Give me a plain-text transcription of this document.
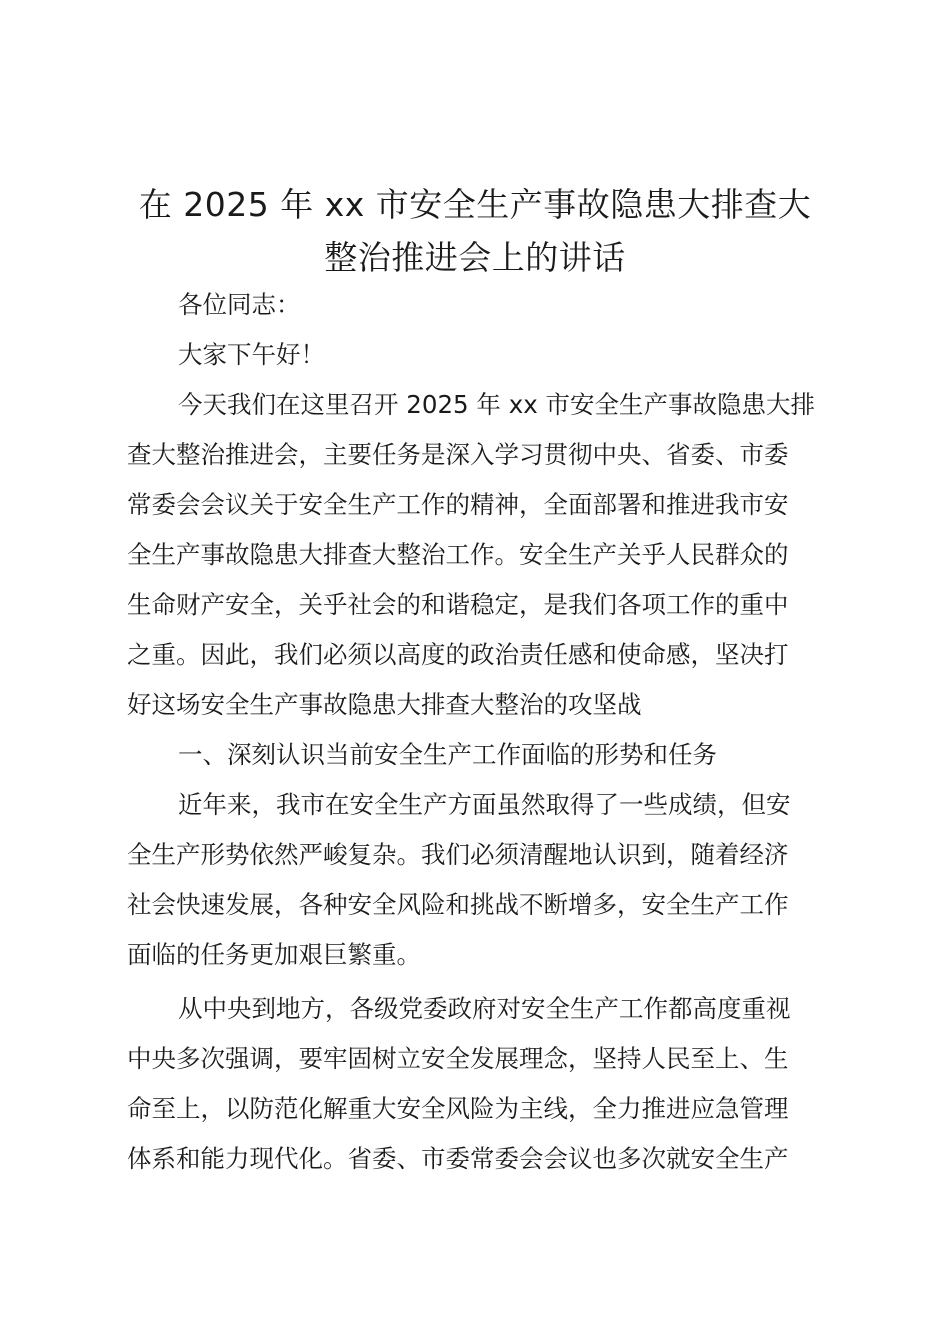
在 2025 年 xx 市安全生产事故隐患大排查大
整治推进会上的讲话
各位同志：
大家下午好！
今天我们在这里召开 2025 年 xx 市安全生产事故隐患大排
查大整治推进会，主要任务是深入学习贯彻中央、省委、市委
常委会会议关于安全生产工作的精神，全面部署和推进我市安
全生产事故隐患大排查大整治工作。安全生产关乎人民群众的
生命财产安全，关乎社会的和谐稳定，是我们各项工作的重中
之重。因此，我们必须以高度的政治责任感和使命感，坚决打
好这场安全生产事故隐患大排查大整治的攻坚战
一、深刻认识当前安全生产工作面临的形势和任务
近年来，我市在安全生产方面虽然取得了一些成绩，但安
全生产形势依然严峻复杂。我们必须清醒地认识到，随着经济
社会快速发展，各种安全风险和挑战不断增多，安全生产工作
面临的任务更加艰巨繁重。
从中央到地方，各级党委政府对安全生产工作都高度重视
中央多次强调，要牢固树立安全发展理念，坚持人民至上、生
命至上，以防范化解重大安全风险为主线，全力推进应急管理
体系和能力现代化。省委、市委常委会会议也多次就安全生产
